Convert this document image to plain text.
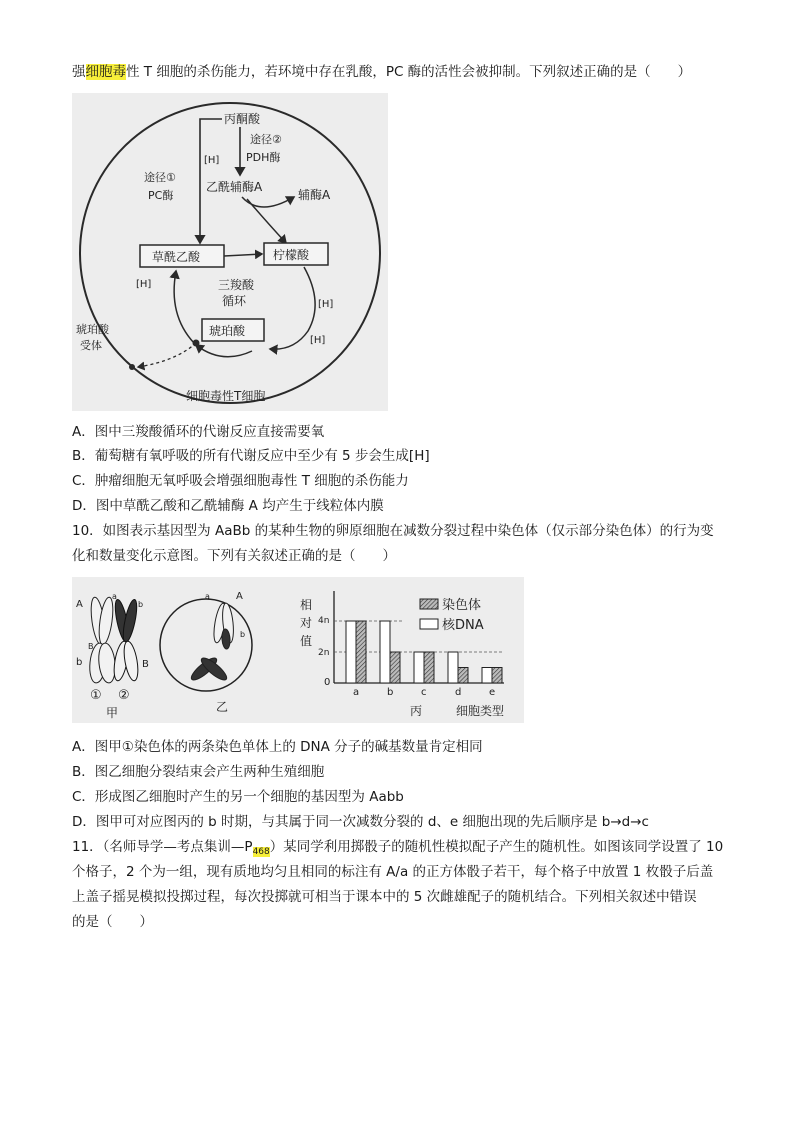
强细胞毒性 T 细胞的杀伤能力，若环境中存在乳酸，PC 酶的活性会被抑制。下列叙述正确的是（　　）
丙酮酸
途径①
PC酶
途径②
PDH酶
[H]
乙酰辅酶A
辅酶A
草酰乙酸	柠檬酸
[H]	三羧酸
循环	[H]
[H]
琥珀酸
琥珀酸
受体
细胞毒性T细胞
A．图中三羧酸循环的代谢反应直接需要氧
B．葡萄糖有氧呼吸的所有代谢反应中至少有 5 步会生成[H]
C．肿瘤细胞无氧呼吸会增强细胞毒性 T 细胞的杀伤能力
D．图中草酰乙酸和乙酰辅酶 A 均产生于线粒体内膜
10．如图表示基因型为 AaBb 的某种生物的卵原细胞在减数分裂过程中染色体（仅示部分染色体）的行为变
化和数量变化示意图。下列有关叙述正确的是（　　）
A
a
b
b	B
B
① ②
甲
a	A
b
乙
相
对
值
4n
2n
0
a	b	c	d	e
染色体
核DNA
丙	细胞类型
A．图甲①染色体的两条染色单体上的 DNA 分子的碱基数量肯定相同
B．图乙细胞分裂结束会产生两种生殖细胞
C．形成图乙细胞时产生的另一个细胞的基因型为 Aabb
D．图甲可对应图丙的 b 时期，与其属于同一次减数分裂的 d、e 细胞出现的先后顺序是 b→d→c
11．（名师导学—考点集训$—P_{468}$）某同学利用掷骰子的随机性模拟配子产生的随机性。如图该同学设置了 10
个格子，2 个为一组，现有质地均匀且相同的标注有 A/a 的正方体骰子若干，每个格子中放置 1 枚骰子后盖
上盖子摇晃模拟投掷过程，每次投掷就可相当于课本中的 5 次雌雄配子的随机结合。下列相关叙述中错误
的是（　　）
